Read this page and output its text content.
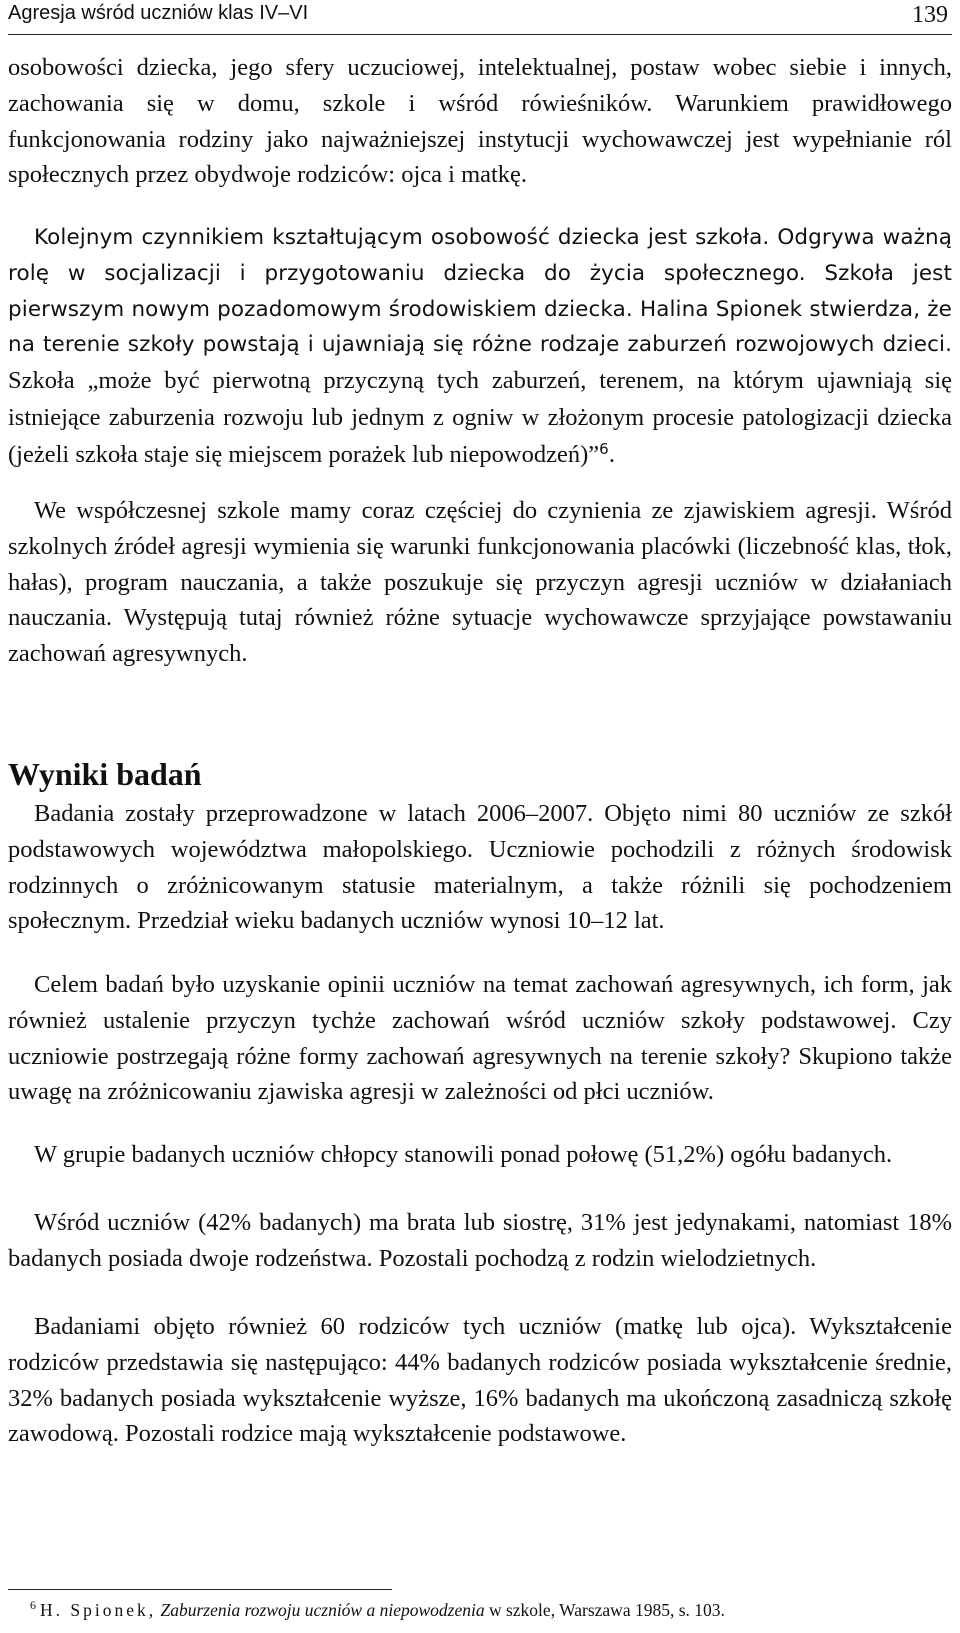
Agresja wśród uczniów klas IV–VI	139

osobowości dziecka, jego sfery uczuciowej, intelektualnej, postaw wobec siebie i innych, zachowania się w domu, szkole i wśród rówieśników. Warunkiem prawidłowego funkcjonowania rodziny jako najważniejszej instytucji wychowawczej jest wypełnianie ról społecznych przez obydwoje rodziców: ojca i matkę.

Kolejnym czynnikiem kształtującym osobowość dziecka jest szkoła. Odgrywa ważną rolę w socjalizacji i przygotowaniu dziecka do życia społecznego. Szkoła jest pierwszym nowym pozadomowym środowiskiem dziecka. Halina Spionek stwierdza, że na terenie szkoły powstają i ujawniają się różne rodzaje zaburzeń rozwojowych dzieci. Szkoła „może być pierwotną przyczyną tych zaburzeń, terenem, na którym ujawniają się istniejące zaburzenia rozwoju lub jednym z ogniw w złożonym procesie patologizacji dziecka (jeżeli szkoła staje się miejscem porażek lub niepowodzeń)”$^6$.

We współczesnej szkole mamy coraz częściej do czynienia ze zjawiskiem agresji. Wśród szkolnych źródeł agresji wymienia się warunki funkcjonowania placówki (liczebność klas, tłok, hałas), program nauczania, a także poszukuje się przyczyn agresji uczniów w działaniach nauczania. Występują tutaj również różne sytuacje wychowawcze sprzyjające powstawaniu zachowań agresywnych.

Wyniki badań

Badania zostały przeprowadzone w latach 2006–2007. Objęto nimi 80 uczniów ze szkół podstawowych województwa małopolskiego. Uczniowie pochodzili z różnych środowisk rodzinnych o zróżnicowanym statusie materialnym, a także różnili się pochodzeniem społecznym. Przedział wieku badanych uczniów wynosi 10–12 lat.

Celem badań było uzyskanie opinii uczniów na temat zachowań agresywnych, ich form, jak również ustalenie przyczyn tychże zachowań wśród uczniów szkoły podstawowej. Czy uczniowie postrzegają różne formy zachowań agresywnych na terenie szkoły? Skupiono także uwagę na zróżnicowaniu zjawiska agresji w zależności od płci uczniów.

W grupie badanych uczniów chłopcy stanowili ponad połowę (51,2%) ogółu badanych.

Wśród uczniów (42% badanych) ma brata lub siostrę, 31% jest jedynakami, natomiast 18% badanych posiada dwoje rodzeństwa. Pozostali pochodzą z rodzin wielodzietnych.

Badaniami objęto również 60 rodziców tych uczniów (matkę lub ojca). Wykształcenie rodziców przedstawia się następująco: 44% badanych rodziców posiada wykształcenie średnie, 32% badanych posiada wykształcenie wyższe, 16% badanych ma ukończoną zasadniczą szkołę zawodową. Pozostali rodzice mają wykształcenie podstawowe.

$^6$ H. Spionek, Zaburzenia rozwoju uczniów a niepowodzenia w szkole, Warszawa 1985, s. 103.
